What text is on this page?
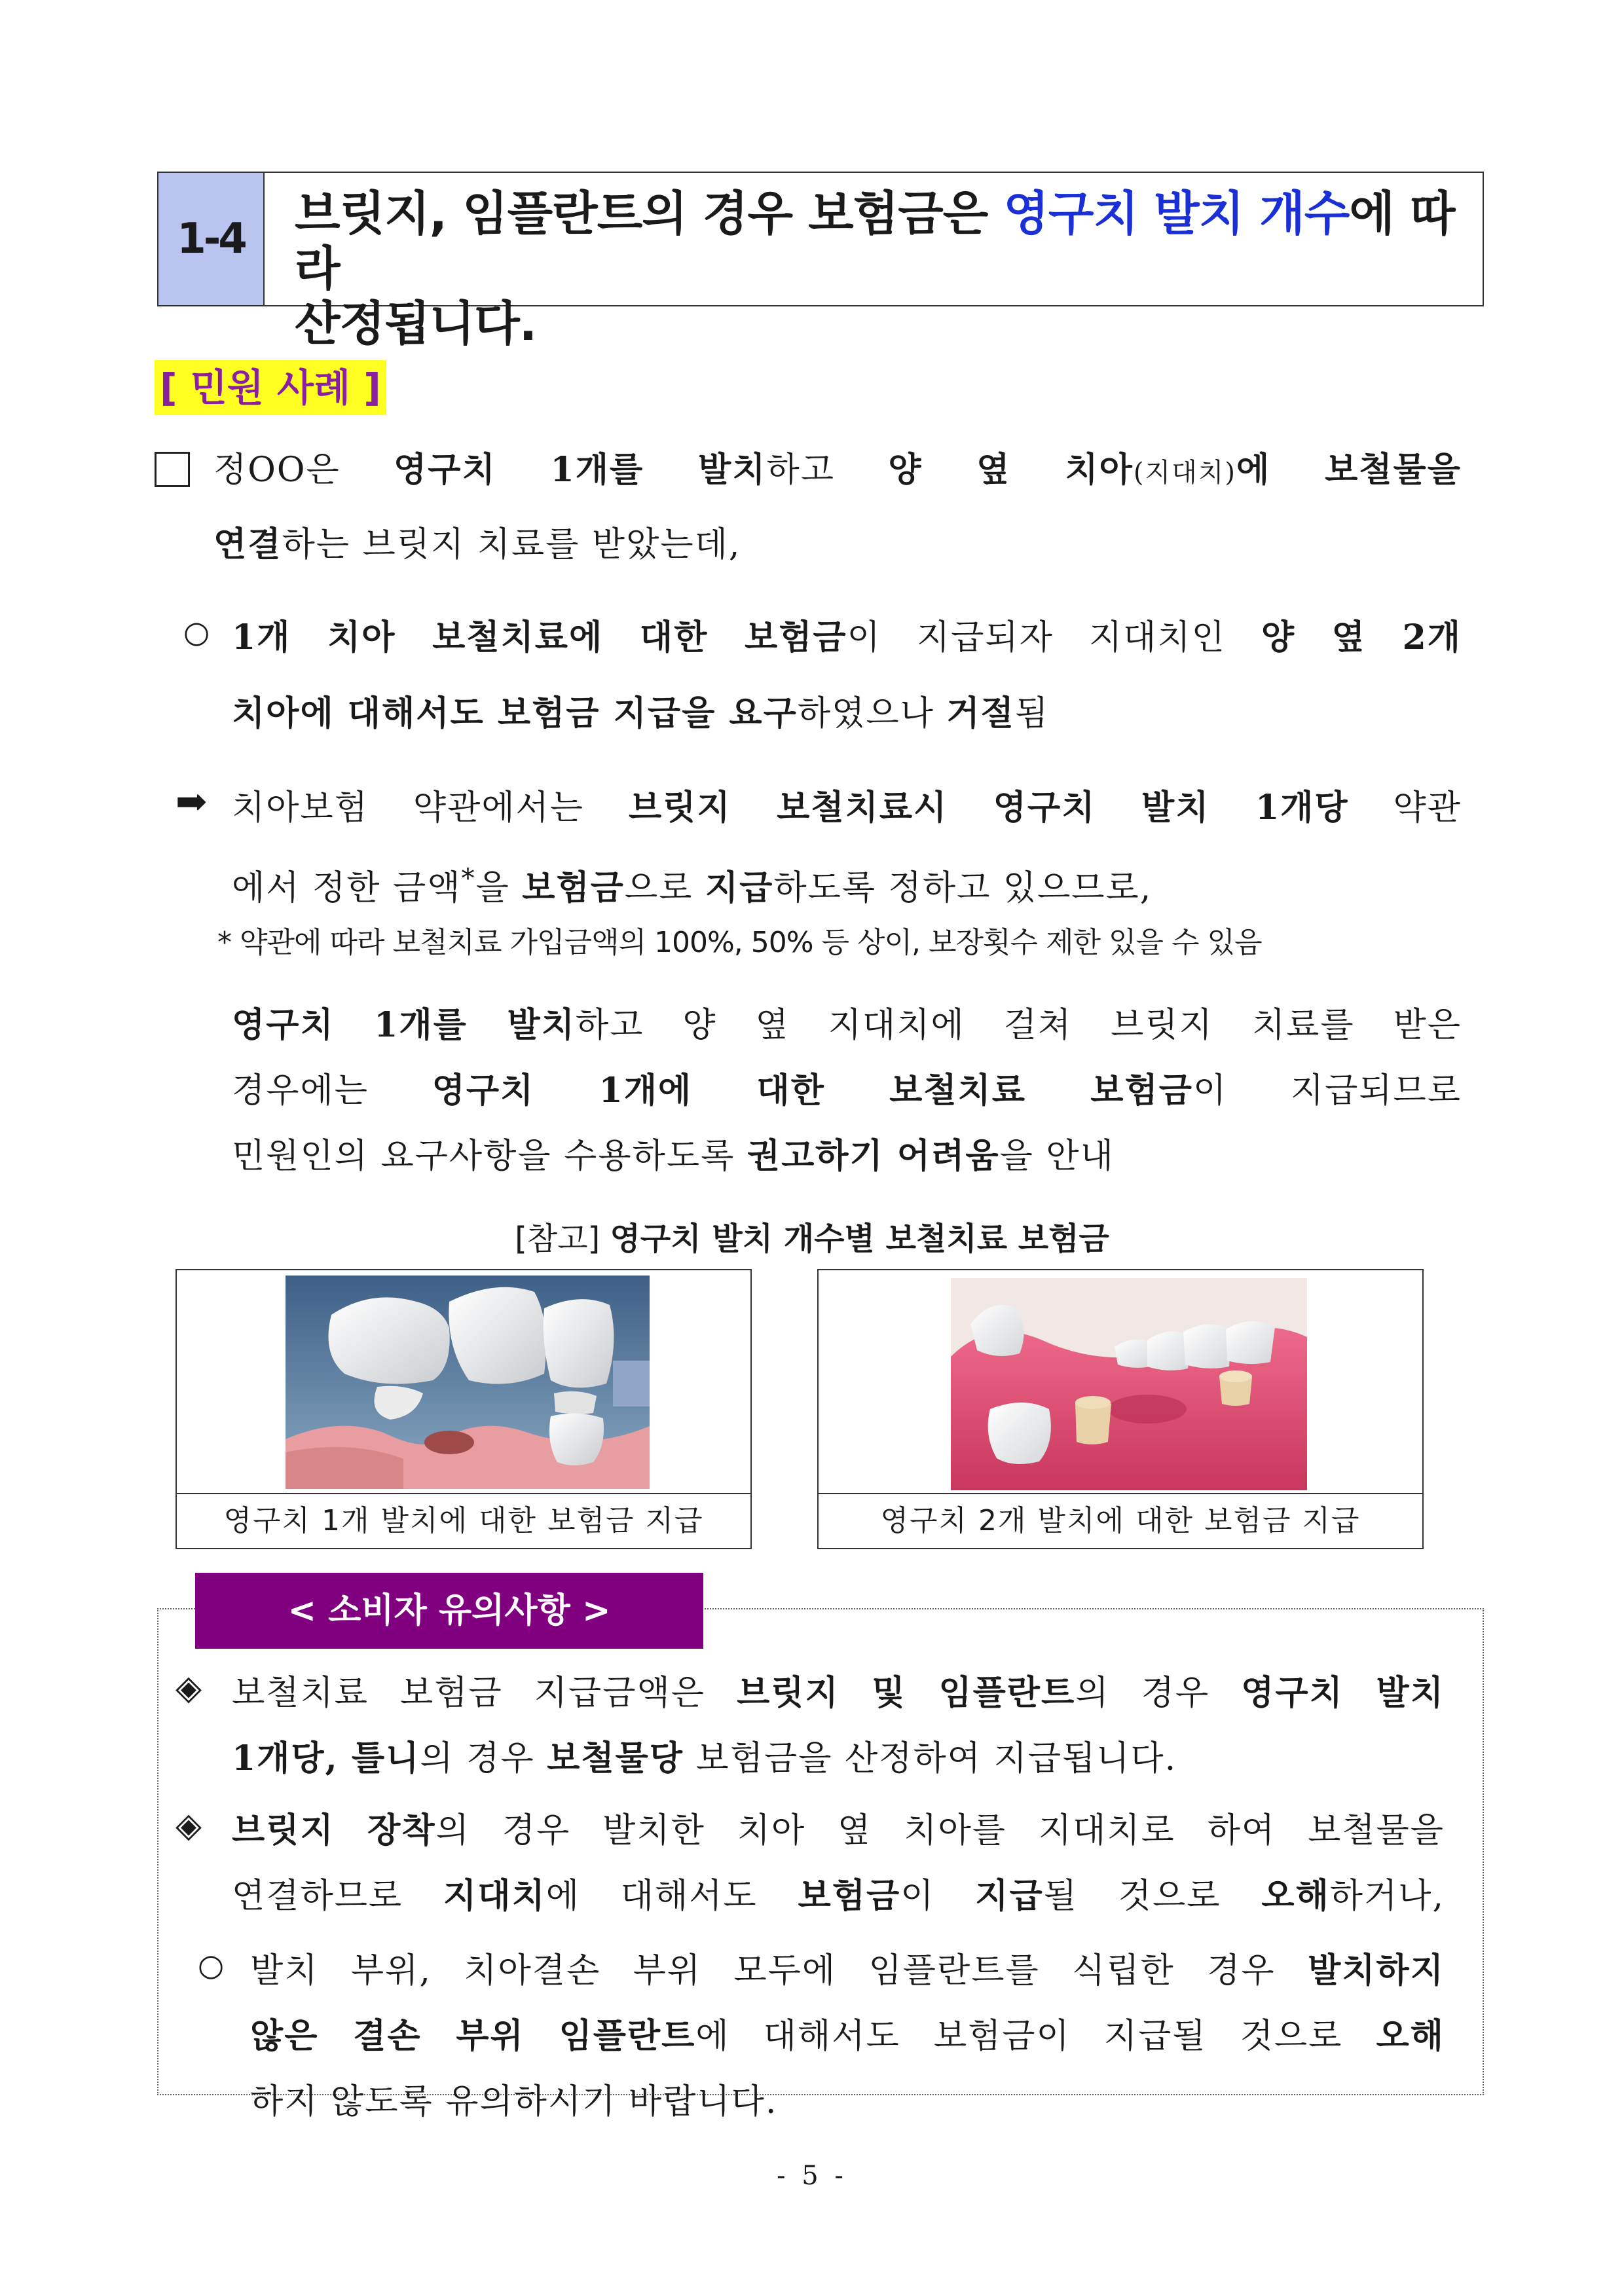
1-4	브릿지, 임플란트의 경우 보험금은 영구치 발치 개수에 따라
산정됩니다.
[ 민원 사례 ]
정OO은 영구치 1개를 발치하고 양 옆 치아(지대치)에 보철물을
연결하는 브릿지 치료를 받았는데,
○ 1개 치아 보철치료에 대한 보험금이 지급되자 지대치인 양 옆 2개
치아에 대해서도 보험금 지급을 요구하였으나 거절됨
➡ 치아보험 약관에서는 브릿지 보철치료시 영구치 발치 1개당 약관
에서 정한 금액*을 보험금으로 지급하도록 정하고 있으므로,
* 약관에 따라 보철치료 가입금액의 100%, 50% 등 상이, 보장횟수 제한 있을 수 있음
영구치 1개를 발치하고 양 옆 지대치에 걸쳐 브릿지 치료를 받은
경우에는 영구치 1개에 대한 보철치료 보험금이 지급되므로
민원인의 요구사항을 수용하도록 권고하기 어려움을 안내
[참고] 영구치 발치 개수별 보철치료 보험금
영구치 1개 발치에 대한 보험금 지급	영구치 2개 발치에 대한 보험금 지급
< 소비자 유의사항 >
◈ 보철치료 보험금 지급금액은 브릿지 및 임플란트의 경우 영구치 발치
1개당, 틀니의 경우 보철물당 보험금을 산정하여 지급됩니다.
◈ 브릿지 장착의 경우 발치한 치아 옆 치아를 지대치로 하여 보철물을
연결하므로 지대치에 대해서도 보험금이 지급될 것으로 오해하거나,
○ 발치 부위, 치아결손 부위 모두에 임플란트를 식립한 경우 발치하지
않은 결손 부위 임플란트에 대해서도 보험금이 지급될 것으로 오해
하지 않도록 유의하시기 바랍니다.
- 5 -
